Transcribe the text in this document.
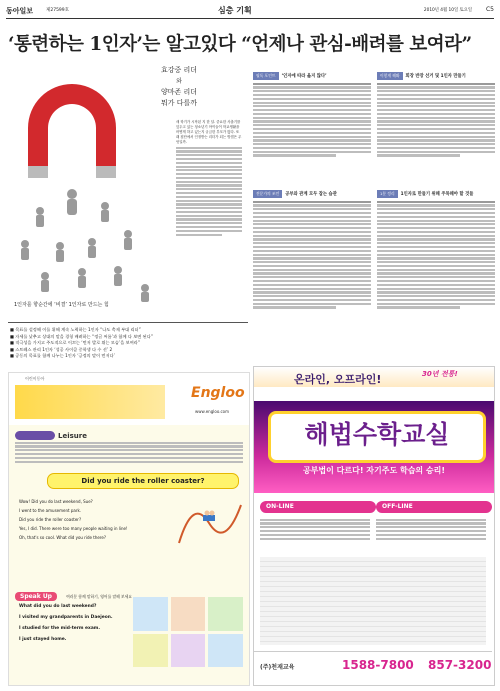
동아일보	제27599호	심층 기획	2010년 4월 10일 토요일 C5
‘통련하는 1인자’는 알고있다 “언제나 관심-배려를 보여라”
효강중 리더
와
양마존 리더
뭐가 다를까
새 학기가 시작된 지 한 달. 중요한 사춘기를 앞두고 있는 청소년기 아이들이 학교생활을 어떻게 하고 있는지 궁금한 부모가 많다. 또래 집단에서 인정받는 리더가 되는 방법은 무엇일까.
1인자를 향순간에 ‘비결’ 1인자로 만드는 힘
■ 목표를 설정해 이를 위해 계속 노력하는 1인자 “나도 축제 부대 리더”
■ 자세를 낮추고 상대의 말을 경청 배려하는 “정글 씨름’과 함께 다 보면 된다”
■ 적극성을 가지고 주도적으로 이끄는 ‘먼저 발로 뛰는 모습’을 보여라”
■ 스트레스 관리 1인자 ‘성공 사이클 중학생 다 수 선’ 2
■ 공동의 목표를 함께 나누는 1인자 ‘긍정의 말이 먼저다’
필독 포인트 ‘인자에 따라 옮지 않다’	이렇게 해봐 회장 반장 선거 및 1인자 만들기
전문가의 조언 공부와 관계 모두 잡는 습관	1분 정리 1인자로 만들기 위해 주목해야 할 것들
어린이동아
Engloo
www.engloo.com
Leisure
Did you ride the roller coaster?
Wow! Did you do last weekend, Sue?
I went to the amusement park.
Did you ride the roller coaster?
Yes, I did. There were too many people waiting in line!
Oh, that's so cool. What did you ride there?
Speak Up	여러분 함께 말하기, 영어를 말해 보세요
What did you do last weekend?
I visited my grandparents in Daejeon.
I studied for the mid-term exam.
I just stayed home.
온라인, 오프라인!	30년 전통!
해법수학교실
공부법이 다르다! 자기주도 학습의 승리!
ON-LINE	OFF-LINE
(주)천재교육	1588-7800 857-3200
